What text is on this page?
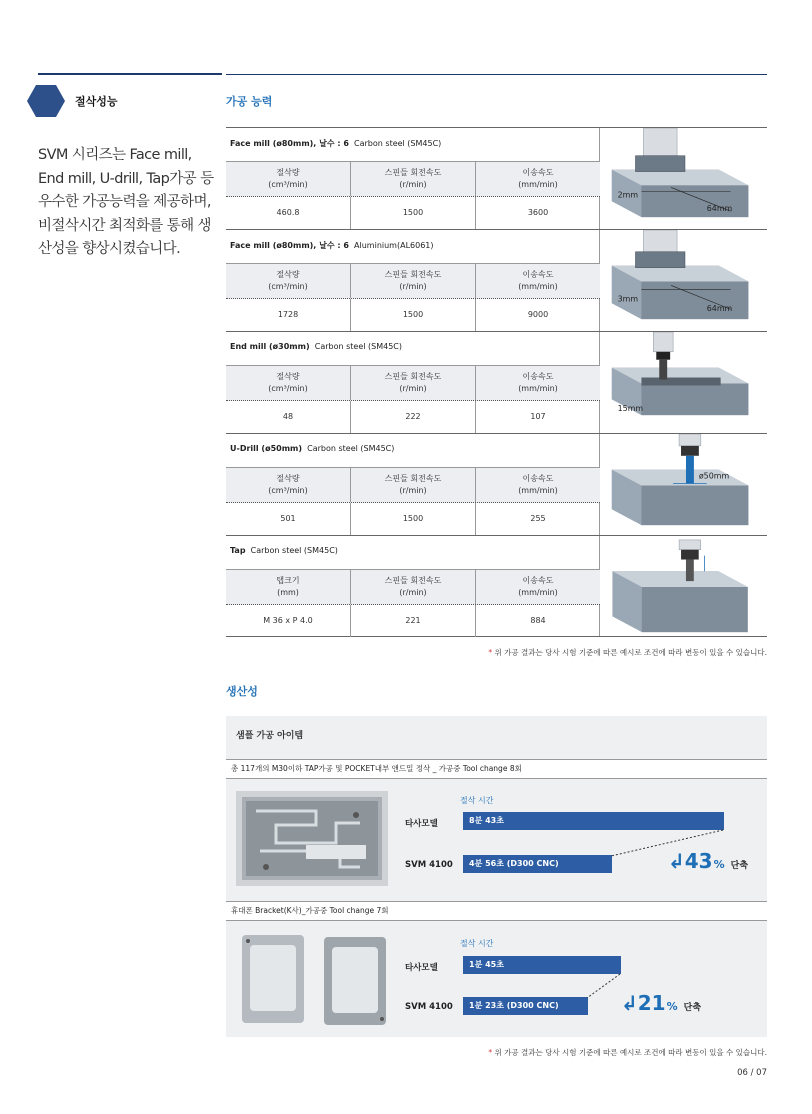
절삭성능
SVM 시리즈는 Face mill, End mill, U-drill, Tap가공 등 우수한 가공능력을 제공하며, 비절삭시간 최적화를 통해 생산성을 향상시켰습니다.
가공 능력
Face mill (ø80mm), 날수 : 6 Carbon steel (SM45C)
절삭량
(cm³/min)
스핀들 회전속도
(r/min)
이송속도
(mm/min)
460.8	1500	3600
2mm
64mm
Face mill (ø80mm), 날수 : 6 Aluminium(AL6061)
절삭량
(cm³/min)
스핀들 회전속도
(r/min)
이송속도
(mm/min)
1728	1500	9000
3mm
64mm
End mill (ø30mm) Carbon steel (SM45C)
절삭량
(cm³/min)
스핀들 회전속도
(r/min)
이송속도
(mm/min)
48	222	107
15mm
U-Drill (ø50mm) Carbon steel (SM45C)
절삭량
(cm³/min)
스핀들 회전속도
(r/min)
이송속도
(mm/min)
501	1500	255
ø50mm
Tap Carbon steel (SM45C)
탭크기
(mm)
스핀들 회전속도
(r/min)
이송속도
(mm/min)
M 36 x P 4.0	221	884
* 위 가공 결과는 당사 시험 기준에 따른 예시로 조건에 따라 변동이 있을 수 있습니다.
생산성
샘플 가공 아이템
총 117개의 M30이하 TAP가공 및 POCKET내부 앤드밀 정삭 _ 가공중 Tool change 8회
절삭 시간
타사모델	8분 43초
SVM 4100	4분 56초 (D300 CNC)	↲ 43 % 단축
휴대폰 Bracket(K사)_가공중 Tool change 7회
절삭 시간
타사모델	1분 45초
SVM 4100	1분 23초 (D300 CNC)	↲ 21 % 단축
* 위 가공 결과는 당사 시험 기준에 따른 예시로 조건에 따라 변동이 있을 수 있습니다.
06 / 07
